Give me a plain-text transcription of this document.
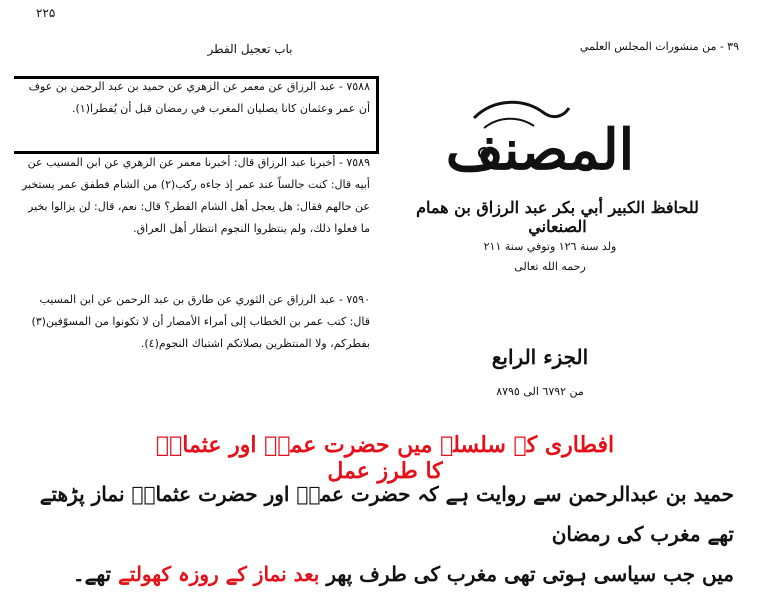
۲۲۵
٣٩ - من منشورات المجلس العلمي
باب تعجيل الفطر
٧٥٨٨ - عبد الرزاق عن معمر عن الزهري عن حميد بن عبد الرحمن بن عوف أن عمر وعثمان كانا يصليان المغرب في رمضان قبل أن يُفطرا(١).
٧٥٨٩ - أخبرنا عبد الرزاق قال: أخبرنا معمر عن الزهري عن ابن المسيب عن أبيه قال: كنت جالساً عند عمر إذ جاءه ركب(٢) من الشام فطفق عمر يستخبر عن حالهم فقال: هل يعجل أهل الشام الفطر؟ قال: نعم، قال: لن يزالوا بخير ما فعلوا ذلك، ولم ينتظروا النجوم انتظار أهل العراق.
٧٥٩٠ - عبد الرزاق عن الثوري عن طارق بن عبد الرحمن عن ابن المسيب قال: كتب عمر بن الخطاب إلى أمراء الأمصار أن لا تكونوا من المسوّفين(٣) بفطركم، ولا المنتظرين بصلاتكم اشتباك النجوم(٤).
المصنف
للحافظ الكبير أبي بكر عبد الرزاق بن همام الصنعاني
ولد سنة ١٢٦ وتوفي سنة ٢١١
رحمه الله تعالى
الجزء الرابع
من ٦٧٩٢ الى ٨٧٩٥
افطاری کے سلسلے میں حضرت عمرؓ اور عثمانؓ کا طرز عمل
حمید بن عبدالرحمن سے روایت ہے کہ حضرت عمرؓ اور حضرت عثمانؓ نماز پڑھتے تھے مغرب کی رمضان
میں جب سیاسی ہوتی تھی مغرب کی طرف پھر بعد نماز کے روزہ کھولتے تھے۔
